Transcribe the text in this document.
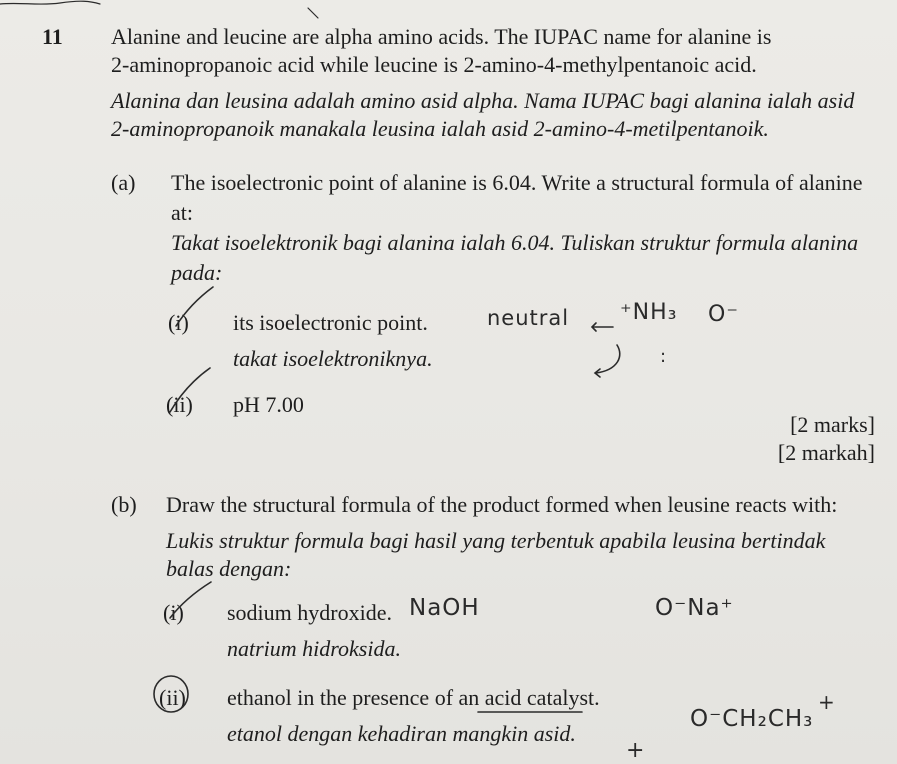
11 Alanine and leucine are alpha amino acids. The IUPAC name for alanine is
2-aminopropanoic acid while leucine is 2-amino-4-methylpentanoic acid.
Alanina dan leusina adalah amino asid alpha. Nama IUPAC bagi alanina ialah asid
2-aminopropanoik manakala leusina ialah asid 2-amino-4-metilpentanoik.
(a) The isoelectronic point of alanine is 6.04. Write a structural formula of alanine
at:
Takat isoelektronik bagi alanina ialah 6.04. Tuliskan struktur formula alanina
pada:
(i) its isoelectronic point.
takat isoelektroniknya.
(ii) pH 7.00
[2 marks]
[2 markah]
(b) Draw the structural formula of the product formed when leusine reacts with:
Lukis struktur formula bagi hasil yang terbentuk apabila leusina bertindak
balas dengan:
(i) sodium hydroxide.
natrium hidroksida.
(ii) ethanol in the presence of an acid catalyst.
etanol dengan kehadiran mangkin asid.
neutral ⁺NH₃ O⁻
:
NaOH	O⁻Na⁺
O⁻CH₂CH₃
+
+
